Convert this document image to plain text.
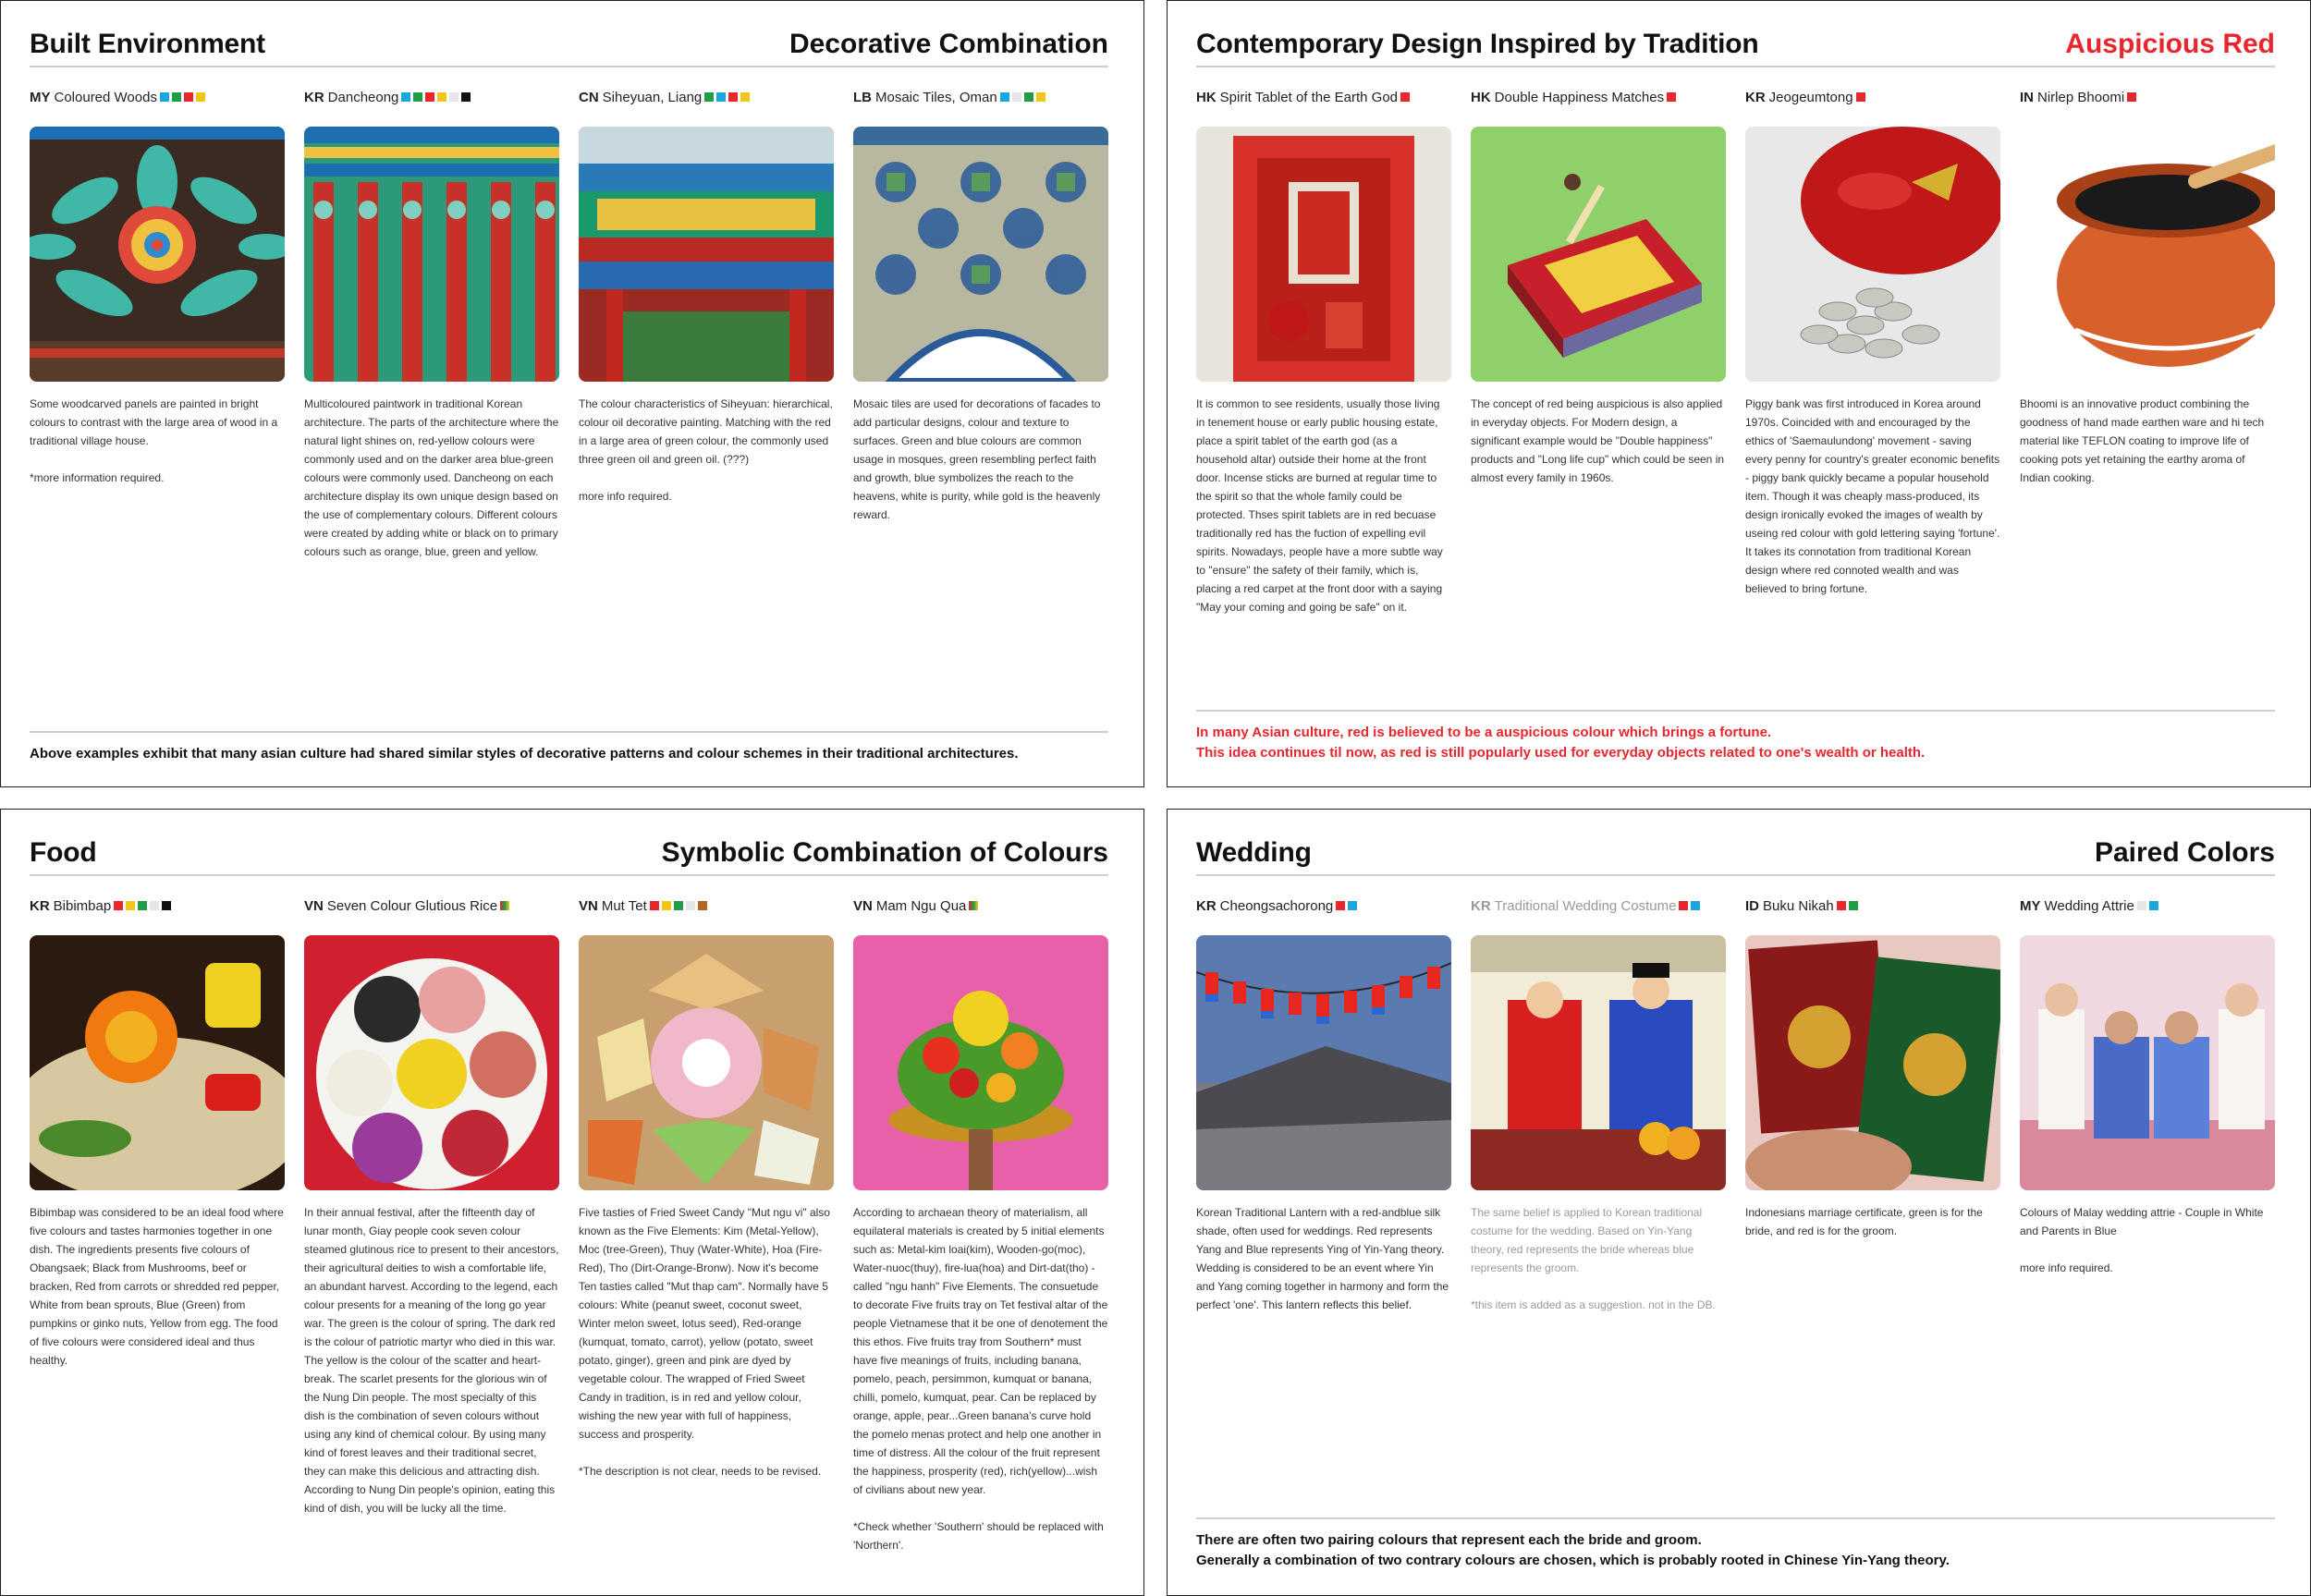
Built Environment	Decorative Combination
MY Coloured Woods
Some woodcarved panels are painted in bright colours to contrast with the large area of wood in a traditional village house.
*more information required.
KR Dancheong
Multicoloured paintwork in traditional Korean architecture. The parts of the architecture where the natural light shines on, red-yellow colours were commonly used and on the darker area blue-green colours were commonly used. Dancheong on each architecture display its own unique design based on the use of complementary colours. Different colours were created by adding white or black on to primary colours such as orange, blue, green and yellow.
CN Siheyuan, Liang
The colour characteristics of Siheyuan: hierarchical, colour oil decorative painting. Matching with the red in a large area of green colour, the commonly used three green oil and green oil. (???)
more info required.
LB Mosaic Tiles, Oman
Mosaic tiles are used for decorations of facades to add particular designs, colour and texture to surfaces. Green and blue colours are common usage in mosques, green resembling perfect faith and growth, blue symbolizes the reach to the heavens, white is purity, while gold is the heavenly reward.
Above examples exhibit that many asian culture had shared similar styles of decorative patterns and colour schemes in their traditional architectures.
Contemporary Design Inspired by Tradition	Auspicious Red
HK Spirit Tablet of the Earth God
It is common to see residents, usually those living in tenement house or early public housing estate, place a spirit tablet of the earth god (as a household altar) outside their home at the front door. Incense sticks are burned at regular time to the spirit so that the whole family could be protected. Thses spirit tablets are in red becuase traditionally red has the fuction of expelling evil spirits. Nowadays, people have a more subtle way to "ensure" the safety of their family, which is, placing a red carpet at the front door with a saying "May your coming and going be safe" on it.
HK Double Happiness Matches
The concept of red being auspicious is also applied in everyday objects. For Modern design, a significant example would be "Double happiness" products and "Long life cup" which could be seen in almost every family in 1960s.
KR Jeogeumtong
Piggy bank was first introduced in Korea around 1970s. Coincided with and encouraged by the ethics of 'Saemaulundong' movement - saving every penny for country's greater economic benefits - piggy bank quickly became a popular household item. Though it was cheaply mass-produced, its design ironically evoked the images of wealth by useing red colour with gold lettering saying 'fortune'. It takes its connotation from traditional Korean design where red connoted wealth and was believed to bring fortune.
IN Nirlep Bhoomi
Bhoomi is an innovative product combining the goodness of hand made earthen ware and hi tech material like TEFLON coating to improve life of cooking pots yet retaining the earthy aroma of Indian cooking.
In many Asian culture, red is believed to be a auspicious colour which brings a fortune.
This idea continues til now, as red is still popularly used for everyday objects related to one's wealth or health.
Food	Symbolic Combination of Colours
KR Bibimbap
Bibimbap was considered to be an ideal food where five colours and tastes harmonies together in one dish. The ingredients presents five colours of Obangsaek; Black from Mushrooms, beef or bracken, Red from carrots or shredded red pepper, White from bean sprouts, Blue (Green) from pumpkins or ginko nuts, Yellow from egg. The food of five colours were considered ideal and thus healthy.
VN Seven Colour Glutious Rice
In their annual festival, after the fifteenth day of lunar month, Giay people cook seven colour steamed glutinous rice to present to their ancestors, their agricultural deities to wish a comfortable life, an abundant harvest. According to the legend, each colour presents for a meaning of the long go year war. The green is the colour of spring. The dark red is the colour of patriotic martyr who died in this war. The yellow is the colour of the scatter and heart-break. The scarlet presents for the glorious win of the Nung Din people. The most specialty of this dish is the combination of seven colours without using any kind of chemical colour. By using many kind of forest leaves and their traditional secret, they can make this delicious and attracting dish. According to Nung Din people's opinion, eating this kind of dish, you will be lucky all the time.
VN Mut Tet
Five tasties of Fried Sweet Candy "Mut ngu vi" also known as the Five Elements: Kim (Metal-Yellow), Moc (tree-Green), Thuy (Water-White), Hoa (Fire-Red), Tho (Dirt-Orange-Bronw). Now it's become Ten tasties called "Mut thap cam". Normally have 5 colours: White (peanut sweet, coconut sweet, Winter melon sweet, lotus seed), Red-orange (kumquat, tomato, carrot), yellow (potato, sweet potato, ginger), green and pink are dyed by vegetable colour. The wrapped of Fried Sweet Candy in tradition, is in red and yellow colour, wishing the new year with full of happiness, success and prosperity.
*The description is not clear, needs to be revised.
VN Mam Ngu Qua
According to archaean theory of materialism, all equilateral materials is created by 5 initial elements such as: Metal-kim loai(kim), Wooden-go(moc), Water-nuoc(thuy), fire-lua(hoa) and Dirt-dat(tho) - called "ngu hanh" Five Elements. The consuetude to decorate Five fruits tray on Tet festival altar of the people Vietnamese that it be one of denotement the this ethos. Five fruits tray from Southern* must have five meanings of fruits, including banana, pomelo, peach, persimmon, kumquat or banana, chilli, pomelo, kumquat, pear. Can be replaced by orange, apple, pear...Green banana's curve hold the pomelo menas protect and help one another in time of distress. All the colour of the fruit represent the happiness, prosperity (red), rich(yellow)...wish of civilians about new year.
*Check whether 'Southern' should be replaced with 'Northern'.
Wedding	Paired Colors
KR Cheongsachorong
Korean Traditional Lantern with a red-andblue silk shade, often used for weddings. Red represents Yang and Blue represents Ying of Yin-Yang theory. Wedding is considered to be an event where Yin and Yang coming together in harmony and form the perfect 'one'. This lantern reflects this belief.
KR Traditional Wedding Costume
The same belief is applied to Korean traditional costume for the wedding. Based on Yin-Yang theory, red represents the bride whereas blue represents the groom.
*this item is added as a suggestion. not in the DB.
ID Buku Nikah
Indonesians marriage certificate, green is for the bride, and red is for the groom.
MY Wedding Attrie
Colours of Malay wedding attrie - Couple in White and Parents in Blue
more info required.
There are often two pairing colours that represent each the bride and groom.
Generally a combination of two contrary colours are chosen, which is probably rooted in Chinese Yin-Yang theory.
